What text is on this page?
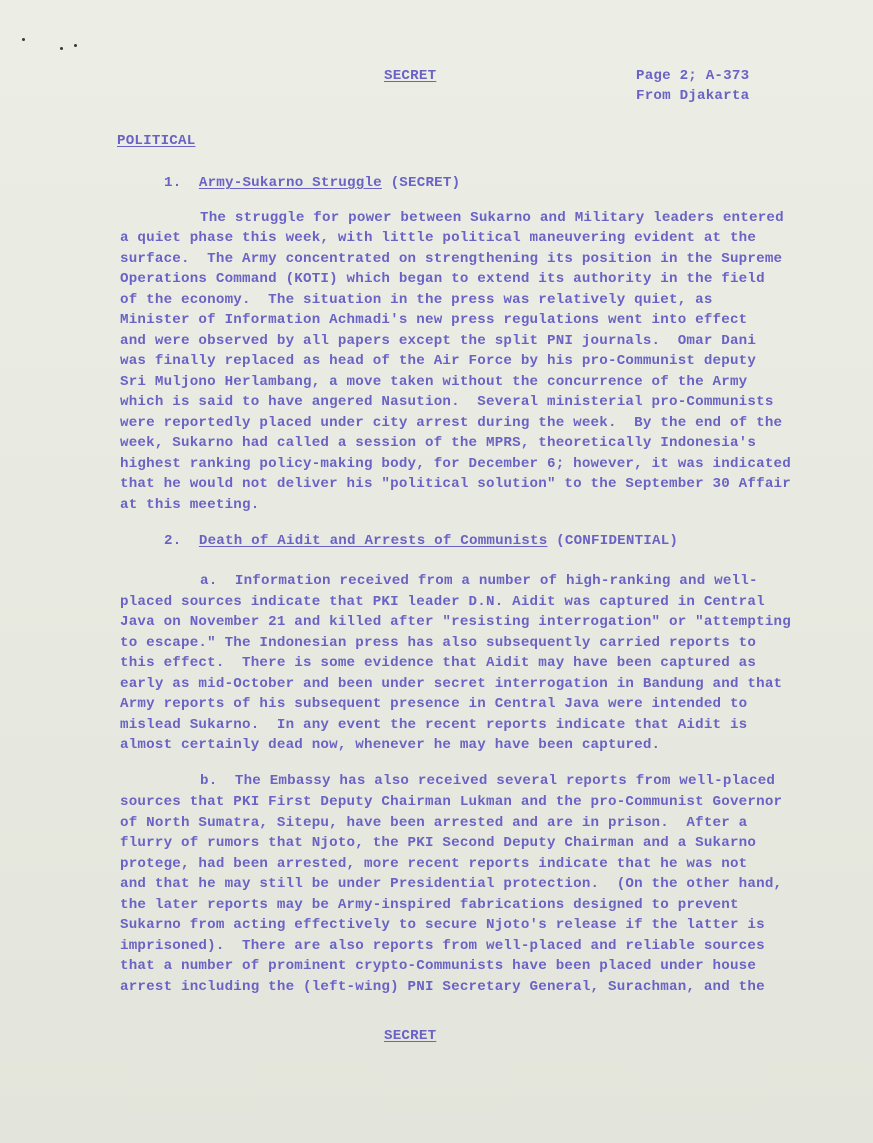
SECRET	Page 2; A-373
From Djakarta
POLITICAL
1. Army-Sukarno Struggle (SECRET)
The struggle for power between Sukarno and Military leaders entered
a quiet phase this week, with little political maneuvering evident at the
surface.  The Army concentrated on strengthening its position in the Supreme
Operations Command (KOTI) which began to extend its authority in the field
of the economy.  The situation in the press was relatively quiet, as
Minister of Information Achmadi's new press regulations went into effect
and were observed by all papers except the split PNI journals.  Omar Dani
was finally replaced as head of the Air Force by his pro-Communist deputy
Sri Muljono Herlambang, a move taken without the concurrence of the Army
which is said to have angered Nasution.  Several ministerial pro-Communists
were reportedly placed under city arrest during the week.  By the end of the
week, Sukarno had called a session of the MPRS, theoretically Indonesia's
highest ranking policy-making body, for December 6; however, it was indicated
that he would not deliver his "political solution" to the September 30 Affair
at this meeting.
2. Death of Aidit and Arrests of Communists (CONFIDENTIAL)
a.  Information received from a number of high-ranking and well-
placed sources indicate that PKI leader D.N. Aidit was captured in Central
Java on November 21 and killed after "resisting interrogation" or "attempting
to escape." The Indonesian press has also subsequently carried reports to
this effect.  There is some evidence that Aidit may have been captured as
early as mid-October and been under secret interrogation in Bandung and that
Army reports of his subsequent presence in Central Java were intended to
mislead Sukarno.  In any event the recent reports indicate that Aidit is
almost certainly dead now, whenever he may have been captured.
b.  The Embassy has also received several reports from well-placed
sources that PKI First Deputy Chairman Lukman and the pro-Communist Governor
of North Sumatra, Sitepu, have been arrested and are in prison.  After a
flurry of rumors that Njoto, the PKI Second Deputy Chairman and a Sukarno
protege, had been arrested, more recent reports indicate that he was not
and that he may still be under Presidential protection.  (On the other hand,
the later reports may be Army-inspired fabrications designed to prevent
Sukarno from acting effectively to secure Njoto's release if the latter is
imprisoned).  There are also reports from well-placed and reliable sources
that a number of prominent crypto-Communists have been placed under house
arrest including the (left-wing) PNI Secretary General, Surachman, and the
SECRET
